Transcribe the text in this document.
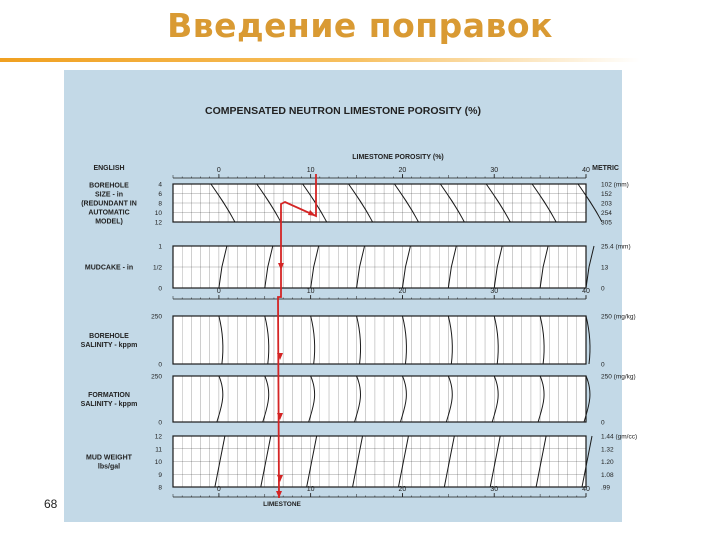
Введение поправок
68
COMPENSATED NEUTRON LIMESTONE POROSITY (%)
ENGLISH	METRIC
LIMESTONE POROSITY (%)
LIMESTONE
0	10	20	30	40
0	10	20	30	40
0	10	20	30	40
BOREHOLE
SIZE - in
(REDUNDANT IN
AUTOMATIC
MODEL)
4
6
8
10
12
102 (mm)
152
203
254
305
MUDCAKE - in
1
1/2
0
25.4 (mm)
13
0
BOREHOLE
SALINITY - kppm
250
0
250 (mg/kg)
0
FORMATION
SALINITY - kppm
250
0
250 (mg/kg)
0
MUD WEIGHT
lbs/gal
12
11
10
9
8
1.44 (gm/cc)
1.32
1.20
1.08
.99
